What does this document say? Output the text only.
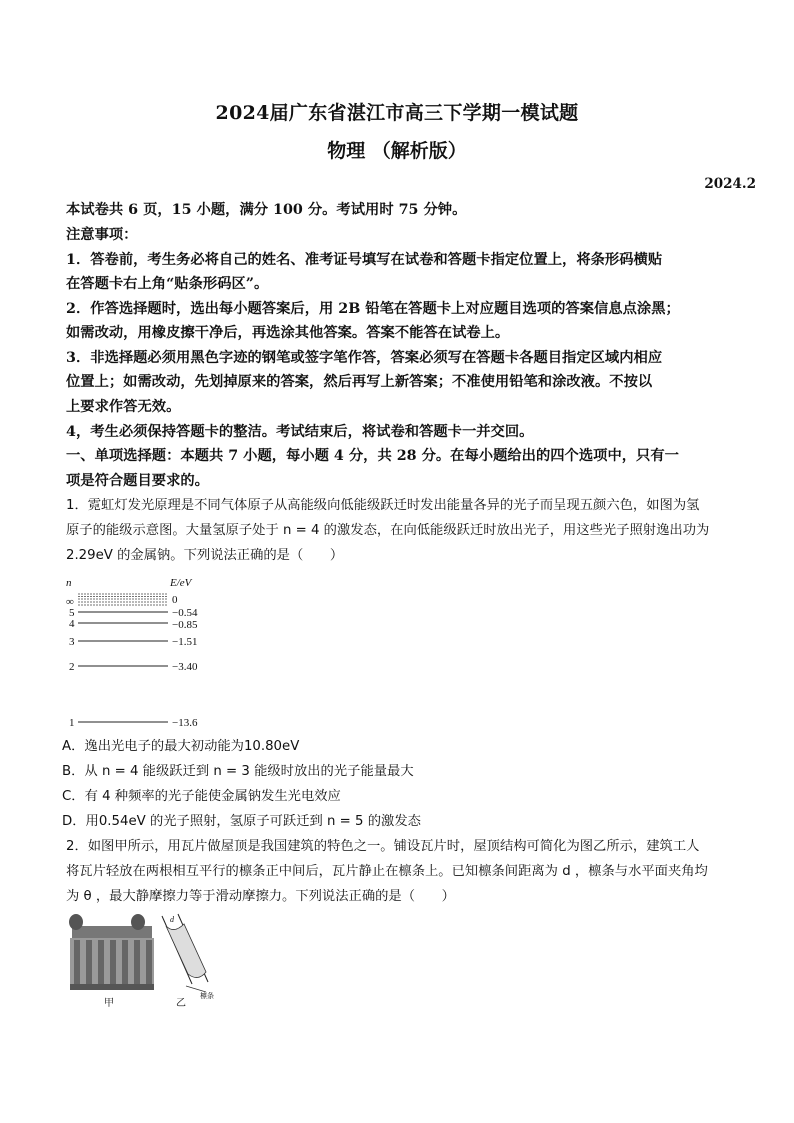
2024届广东省湛江市高三下学期一模试题
物理 （解析版）
2024.2
本试卷共 6 页，15 小题，满分 100 分。考试用时 75 分钟。
注意事项：
1．答卷前，考生务必将自己的姓名、准考证号填写在试卷和答题卡指定位置上，将条形码横贴
在答题卡右上角“贴条形码区”。
2．作答选择题时，选出每小题答案后，用 2B 铅笔在答题卡上对应题目选项的答案信息点涂黑；
如需改动，用橡皮擦干净后，再选涂其他答案。答案不能答在试卷上。
3．非选择题必须用黑色字迹的钢笔或签字笔作答，答案必须写在答题卡各题目指定区域内相应
位置上；如需改动，先划掉原来的答案，然后再写上新答案；不准使用铅笔和涂改液。不按以
上要求作答无效。
4，考生必须保持答题卡的整洁。考试结束后，将试卷和答题卡一并交回。
一、单项选择题：本题共 7 小题，每小题 4 分，共 28 分。在每小题给出的四个选项中，只有一
项是符合题目要求的。
1．霓虹灯发光原理是不同气体原子从高能级向低能级跃迁时发出能量各异的光子而呈现五颜六色，如图为氢
原子的能级示意图。大量氢原子处于 n = 4 的激发态，在向低能级跃迁时放出光子，用这些光子照射逸出功为
2.29eV 的金属钠。下列说法正确的是（　　）
n	E/eV
∞	0
5	−0.54
4	−0.85
3	−1.51
2	−3.40
1	−13.6
A．逸出光电子的最大初动能为10.80eV
B．从 n = 4 能级跃迁到 n = 3 能级时放出的光子能量最大
C．有 4 种频率的光子能使金属钠发生光电效应
D．用0.54eV 的光子照射，氢原子可跃迁到 n = 5 的激发态
2．如图甲所示，用瓦片做屋顶是我国建筑的特色之一。铺设瓦片时，屋顶结构可简化为图乙所示，建筑工人
将瓦片轻放在两根相互平行的檩条正中间后，瓦片静止在檩条上。已知檩条间距离为 d ，檩条与水平面夹角均
为 θ ，最大静摩擦力等于滑动摩擦力。下列说法正确的是（　　）
甲
d
乙
檩条
